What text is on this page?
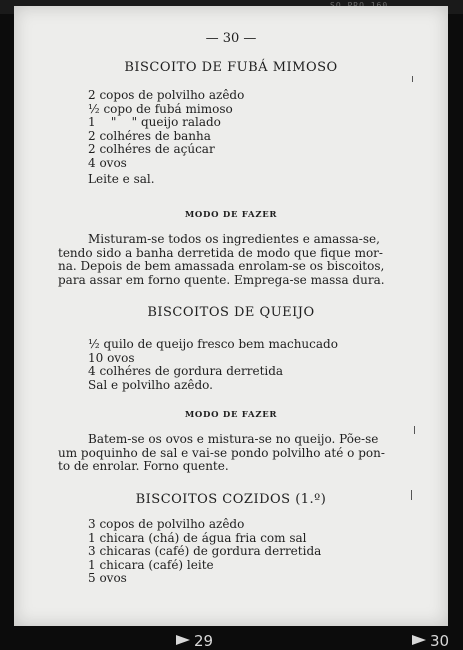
— 30 —
BISCOITO DE FUBÁ MIMOSO
2 copos de polvilho azêdo
½ copo de fubá mimoso
1    "    " queijo ralado
2 colhéres de banha
2 colhéres de açúcar
4 ovos
Leite e sal.
MODO DE FAZER
Misturam-se todos os ingredientes e amassa-se,
tendo sido a banha derretida de modo que fique mor-
na. Depois de bem amassada enrolam-se os biscoitos,
para assar em forno quente. Emprega-se massa dura.
BISCOITOS DE QUEIJO
½ quilo de queijo fresco bem machucado
10 ovos
4 colhéres de gordura derretida
Sal e polvilho azêdo.
MODO DE FAZER
Batem-se os ovos e mistura-se no queijo. Põe-se
um poquinho de sal e vai-se pondo polvilho até o pon-
to de enrolar. Forno quente.
BISCOITOS COZIDOS (1.º)
3 copos de polvilho azêdo
1 chicara (chá) de água fria com sal
3 chicaras (café) de gordura derretida
1 chicara (café) leite
5 ovos
29	30
